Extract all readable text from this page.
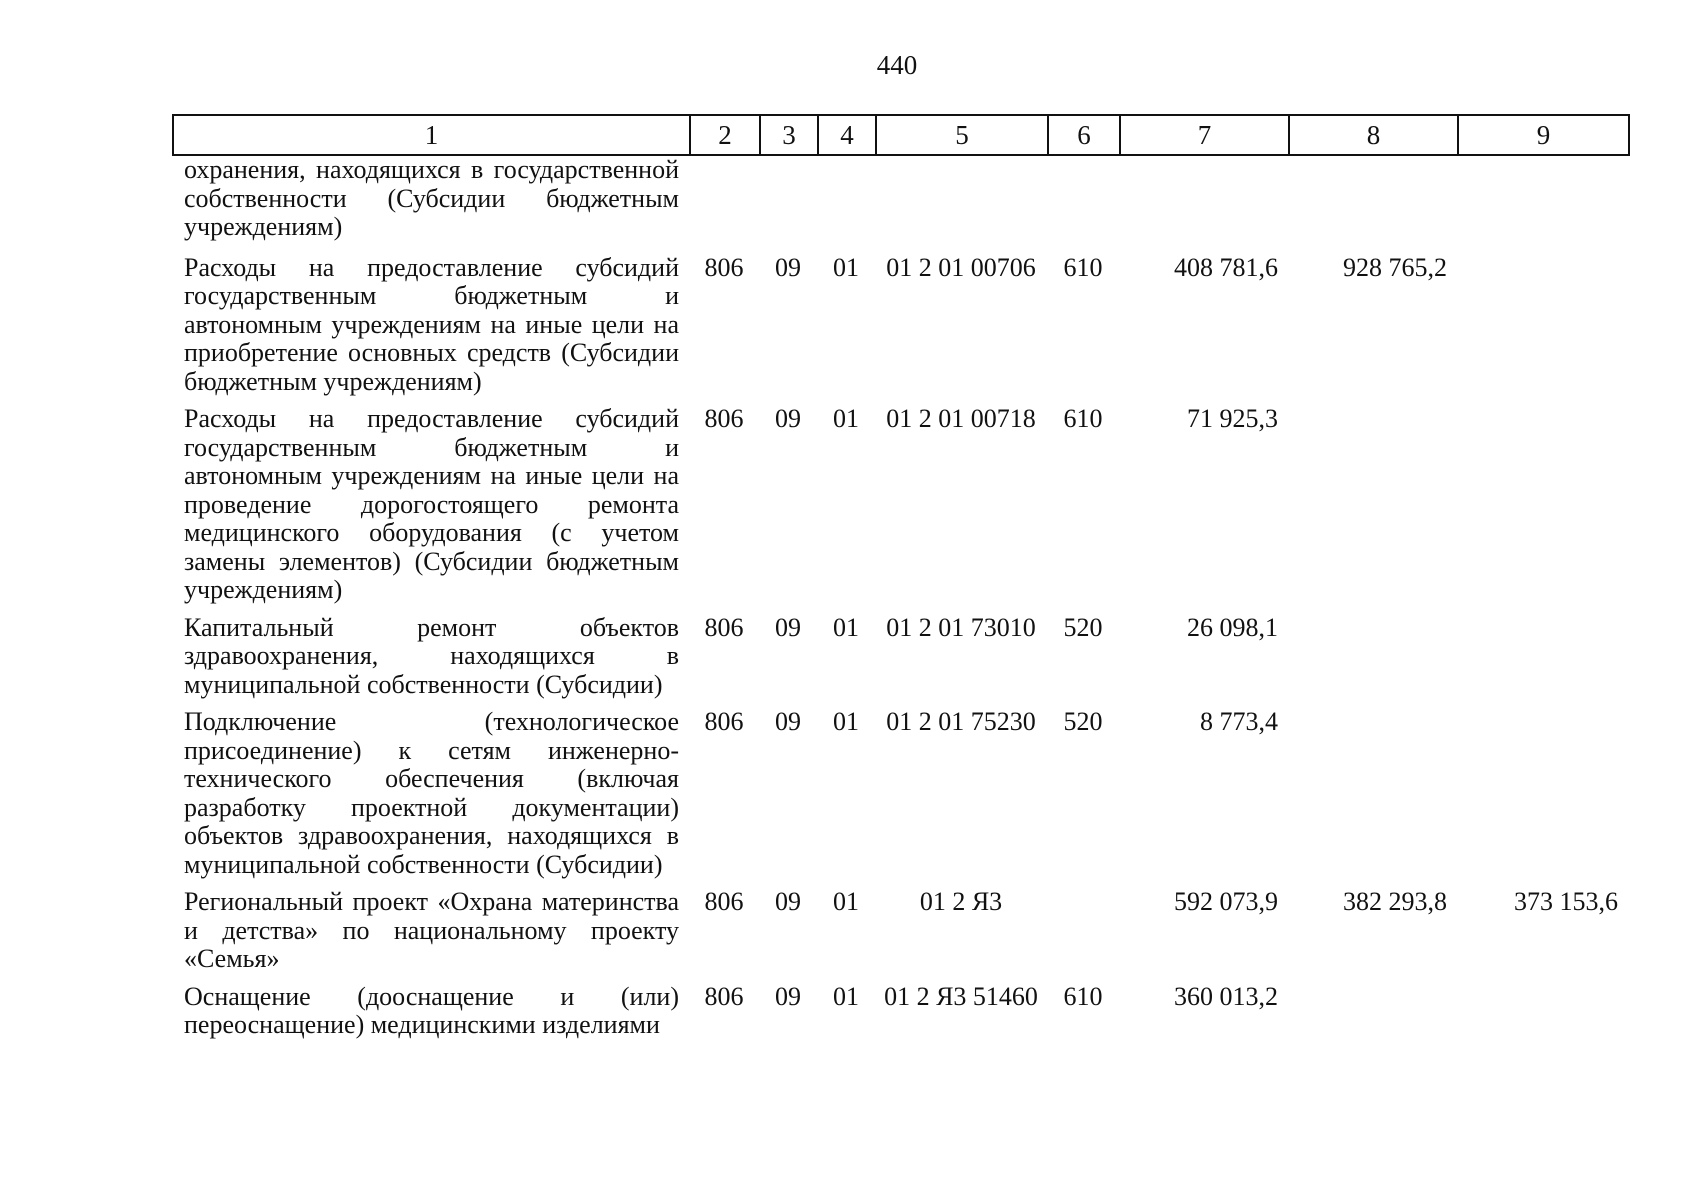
440
1	2	3	4	5	6	7	8	9
охранения, находящихся в государственной собственности (Субсидии бюджетным учреждениям)								
Расходы на предоставление субсидий государственным бюджетным и автономным учреждениям на иные цели на приобретение основных средств (Субсидии бюджетным учреждениям)	806	09	01	01 2 01 00706	610	408 781,6	928 765,2	
Расходы на предоставление субсидий государственным бюджетным и автономным учреждениям на иные цели на проведение дорогостоящего ремонта медицинского оборудования (с учетом замены элементов) (Субсидии бюджетным учреждениям)	806	09	01	01 2 01 00718	610	71 925,3		
Капитальный ремонт объектов здравоохранения, находящихся в муниципальной собственности (Субсидии)	806	09	01	01 2 01 73010	520	26 098,1		
Подключение (технологическое присоединение) к сетям инженерно-технического обеспечения (включая разработку проектной документации) объектов здравоохранения, находящихся в муниципальной собственности (Субсидии)	806	09	01	01 2 01 75230	520	8 773,4		
Региональный проект «Охрана материнства и детства» по национальному проекту «Семья»	806	09	01	01 2 Я3		592 073,9	382 293,8	373 153,6
Оснащение (дооснащение и (или) переоснащение) медицинскими изделиями	806	09	01	01 2 Я3 51460	610	360 013,2		
